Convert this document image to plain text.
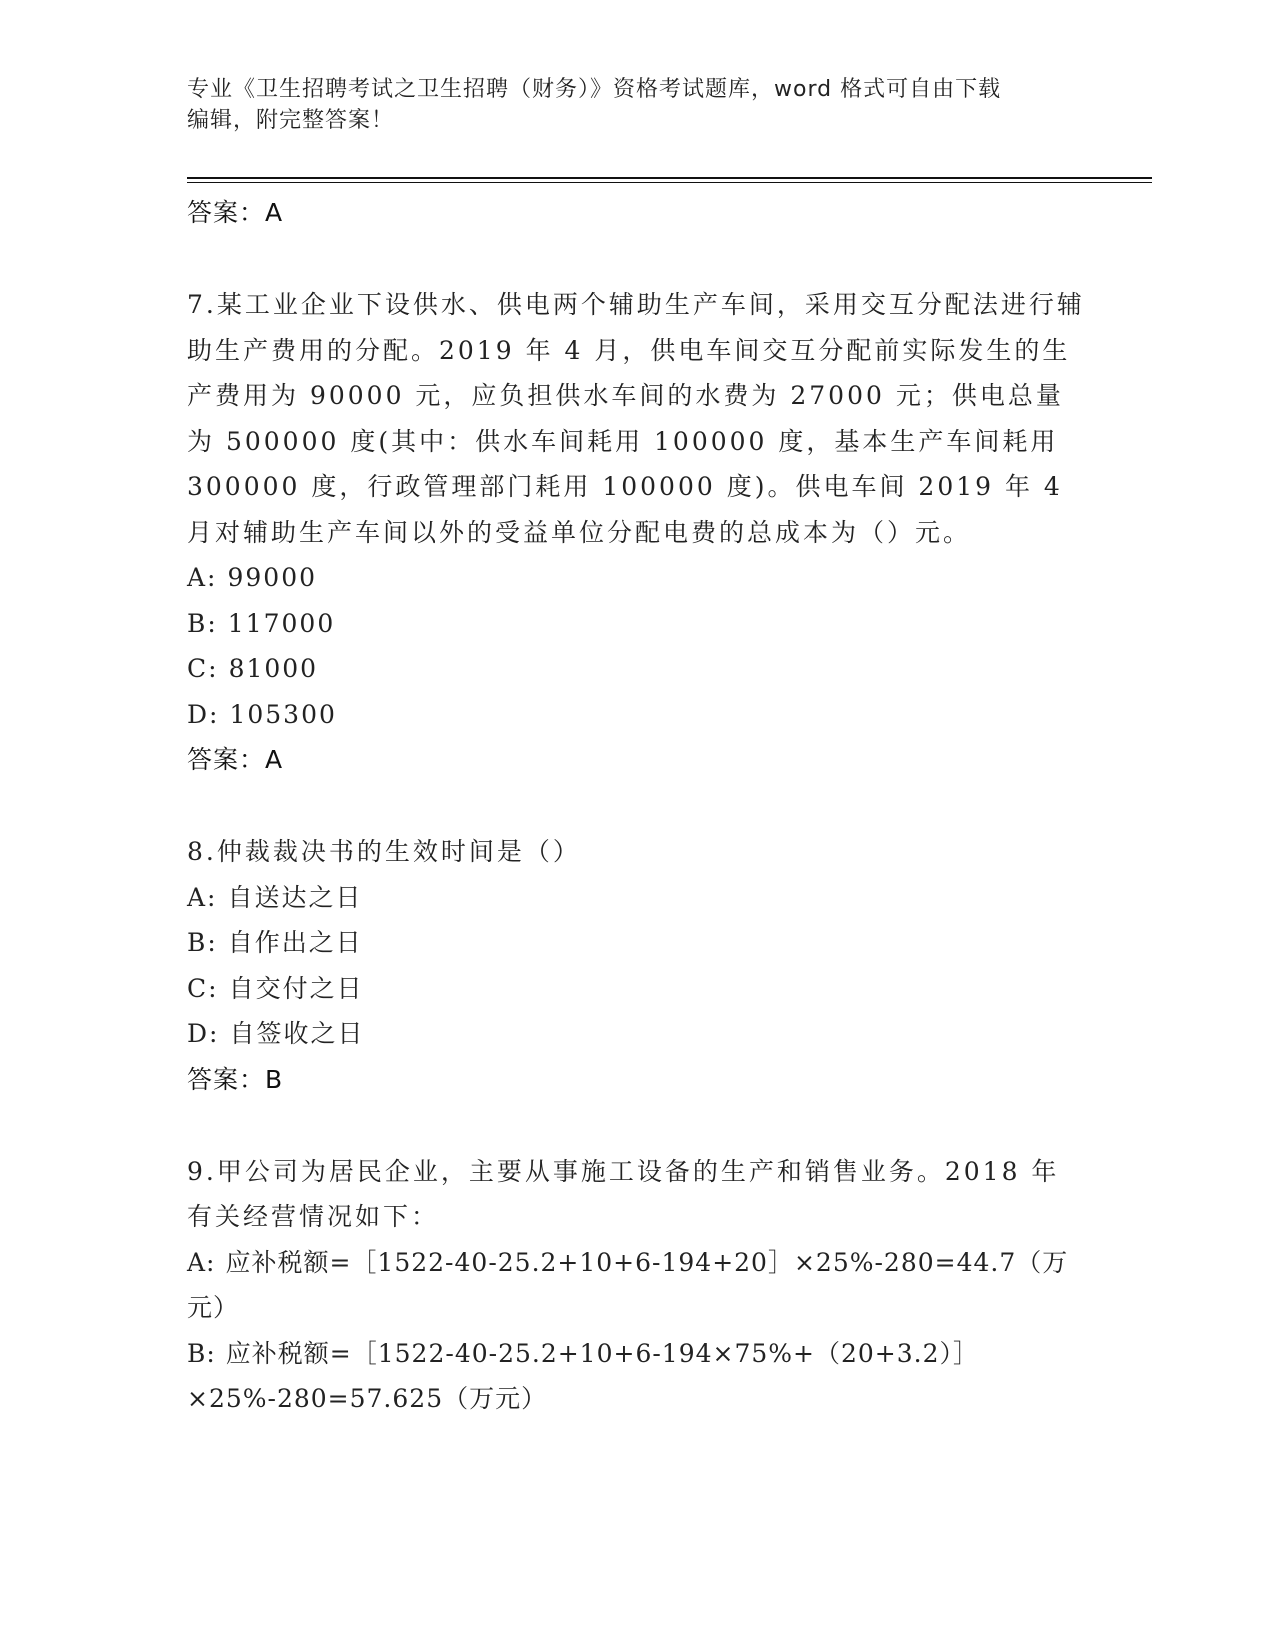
专业《卫生招聘考试之卫生招聘（财务）》资格考试题库，word 格式可自由下载
编辑，附完整答案！
答案：A

7.某工业企业下设供水、供电两个辅助生产车间，采用交互分配法进行辅助生产费用的分配。2019 年 4 月，供电车间交互分配前实际发生的生产费用为 90000 元，应负担供水车间的水费为 27000 元；供电总量为 500000 度(其中：供水车间耗用 100000 度，基本生产车间耗用 300000 度，行政管理部门耗用 100000 度)。供电车间 2019 年 4 月对辅助生产车间以外的受益单位分配电费的总成本为（）元。

A: 99000
B: 117000
C: 81000
D: 105300
答案：A

8.仲裁裁决书的生效时间是（）

A: 自送达之日
B: 自作出之日
C: 自交付之日
D: 自签收之日
答案：B

9.甲公司为居民企业，主要从事施工设备的生产和销售业务。2018 年有关经营情况如下：

A: 应补税额=［1522-40-25.2+10+6-194+20］×25%-280=44.7（万元）
B: 应补税额=［1522-40-25.2+10+6-194×75%+（20+3.2）］×25%-280=57.625（万元）
